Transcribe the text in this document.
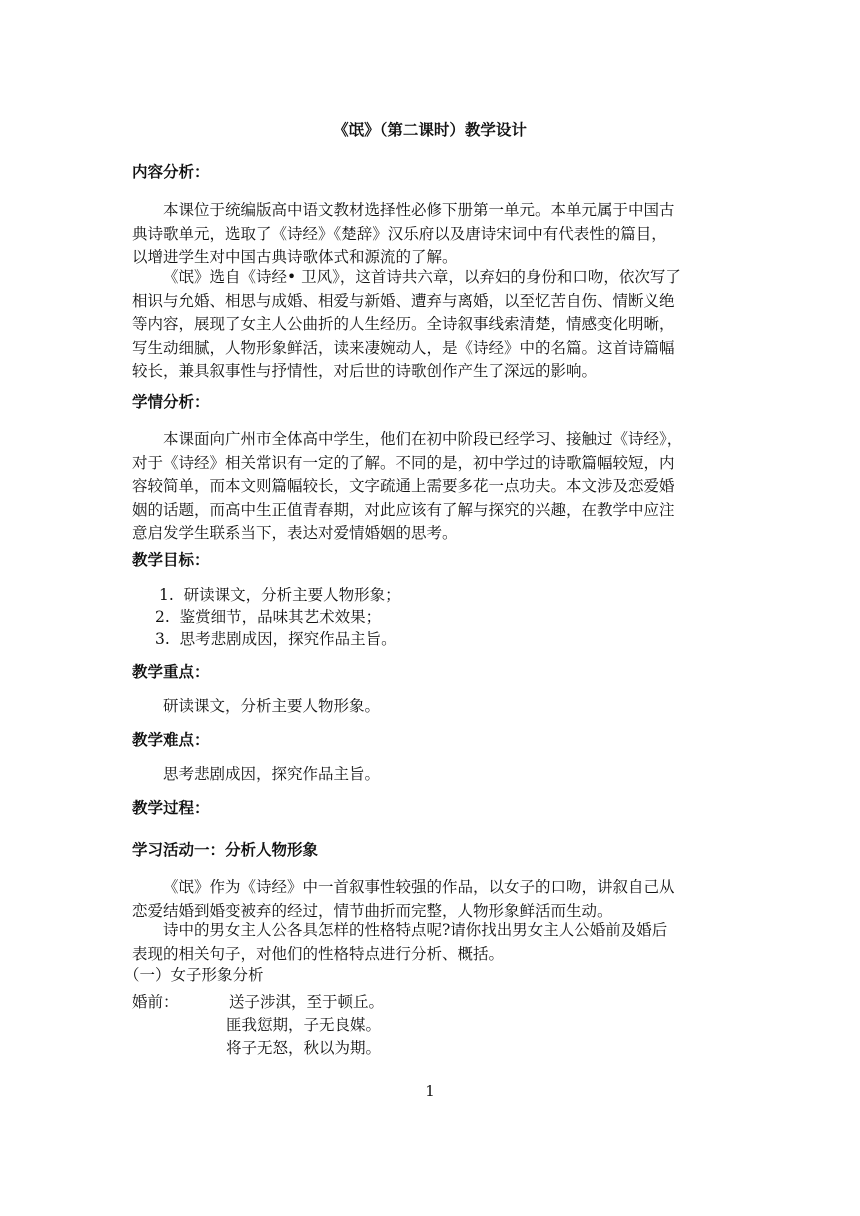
《氓》（第二课时）教学设计
内容分析：
本课位于统编版高中语文教材选择性必修下册第一单元。本单元属于中国古
典诗歌单元，选取了《诗经》《楚辞》汉乐府以及唐诗宋词中有代表性的篇目，
以增进学生对中国古典诗歌体式和源流的了解。
《氓》选自《诗经• 卫风》，这首诗共六章，以弃妇的身份和口吻，依次写了
相识与允婚、相思与成婚、相爱与新婚、遭弃与离婚，以至忆苦自伤、情断义绝
等内容，展现了女主人公曲折的人生经历。全诗叙事线索清楚，情感变化明晰，
写生动细腻，人物形象鲜活，读来凄婉动人，是《诗经》中的名篇。这首诗篇幅
较长，兼具叙事性与抒情性，对后世的诗歌创作产生了深远的影响。
学情分析：
本课面向广州市全体高中学生，他们在初中阶段已经学习、接触过《诗经》，
对于《诗经》相关常识有一定的了解。不同的是，初中学过的诗歌篇幅较短，内
容较简单，而本文则篇幅较长，文字疏通上需要多花一点功夫。本文涉及恋爱婚
姻的话题，而高中生正值青春期，对此应该有了解与探究的兴趣，在教学中应注
意启发学生联系当下，表达对爱情婚姻的思考。
教学目标：
1. 研读课文，分析主要人物形象；
2. 鉴赏细节，品味其艺术效果；
3. 思考悲剧成因，探究作品主旨。
教学重点：
研读课文，分析主要人物形象。
教学难点：
思考悲剧成因，探究作品主旨。
教学过程：
学习活动一：分析人物形象
《氓》作为《诗经》中一首叙事性较强的作品，以女子的口吻，讲叙自己从
恋爱结婚到婚变被弃的经过，情节曲折而完整，人物形象鲜活而生动。
诗中的男女主人公各具怎样的性格特点呢?请你找出男女主人公婚前及婚后
表现的相关句子，对他们的性格特点进行分析、概括。
（一）女子形象分析
婚前：	送子涉淇，至于顿丘。
匪我愆期，子无良媒。
将子无怒，秋以为期。
1
